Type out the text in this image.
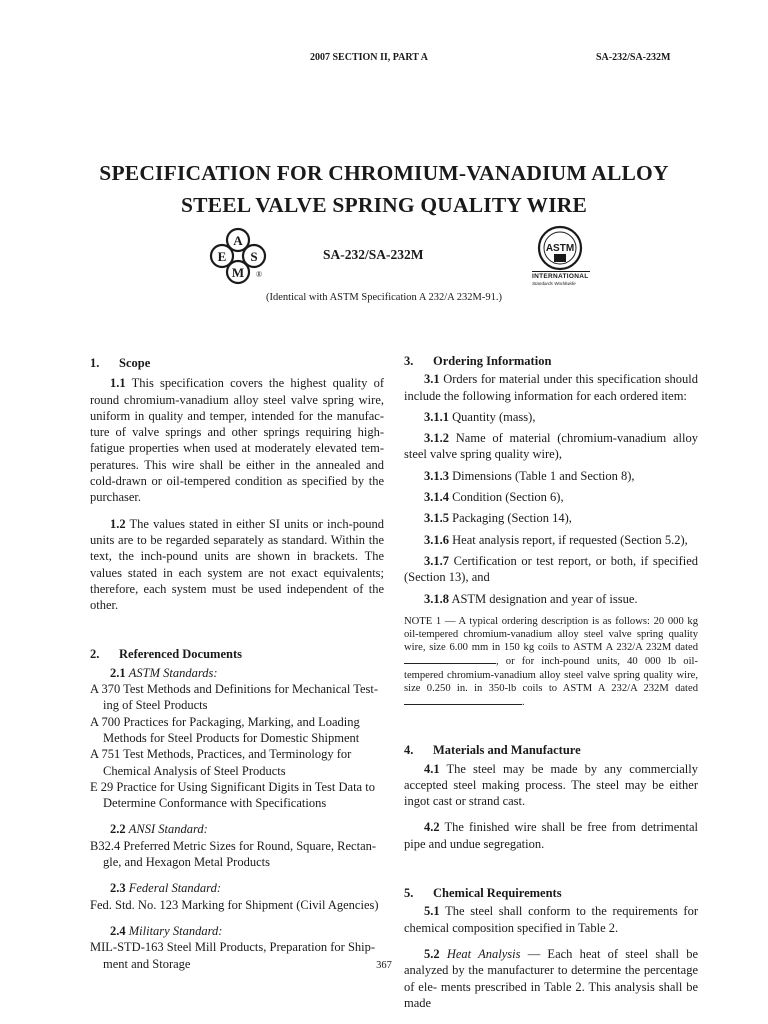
2007 SECTION II, PART A	SA-232/SA-232M
SPECIFICATION FOR CHROMIUM-VANADIUM ALLOY
STEEL VALVE SPRING QUALITY WIRE
A
E S
M ®
SA-232/SA-232M	ASTM
INTERNATIONAL
Standards Worldwide
(Identical with ASTM Specification A 232/A 232M-91.)

1. Scope

1.1 This specification covers the highest quality of round chromium-vanadium alloy steel valve spring wire, uniform in quality and temper, intended for the manufac-ture of valve springs and other springs requiring high-fatigue properties when used at moderately elevated tem-peratures. This wire shall be either in the annealed and cold-drawn or oil-tempered condition as specified by the purchaser.

1.2 The values stated in either SI units or inch-pound units are to be regarded separately as standard. Within the text, the inch-pound units are shown in brackets. The values stated in each system are not exact equivalents; therefore, each system must be used independent of the other.

2. Referenced Documents

2.1 ASTM Standards:

A 370 Test Methods and Definitions for Mechanical Test-ing of Steel Products

A 700 Practices for Packaging, Marking, and Loading Methods for Steel Products for Domestic Shipment

A 751 Test Methods, Practices, and Terminology for Chemical Analysis of Steel Products

E 29 Practice for Using Significant Digits in Test Data to Determine Conformance with Specifications

2.2 ANSI Standard:

B32.4 Preferred Metric Sizes for Round, Square, Rectan-gle, and Hexagon Metal Products

2.3 Federal Standard:

Fed. Std. No. 123 Marking for Shipment (Civil Agencies)

2.4 Military Standard:

MIL-STD-163 Steel Mill Products, Preparation for Ship-ment and Storage

3. Ordering Information

3.1 Orders for material under this specification should include the following information for each ordered item:

3.1.1 Quantity (mass),

3.1.2 Name of material (chromium-vanadium alloy steel valve spring quality wire),

3.1.3 Dimensions (Table 1 and Section 8),

3.1.4 Condition (Section 6),

3.1.5 Packaging (Section 14),

3.1.6 Heat analysis report, if requested (Section 5.2),

3.1.7 Certification or test report, or both, if specified (Section 13), and

3.1.8 ASTM designation and year of issue.

NOTE 1 — A typical ordering description is as follows: 20 000 kg oil-tempered chromium-vanadium alloy steel valve spring quality wire, size 6.00 mm in 150 kg coils to ASTM A 232/A 232M dated , or for inch-pound units, 40 000 lb oil-tempered chromium-vanadium alloy steel valve spring quality wire, size 0.250 in. in 350-lb coils to ASTM A 232/A 232M dated .

4. Materials and Manufacture

4.1 The steel may be made by any commercially accepted steel making process. The steel may be either ingot cast or strand cast.

4.2 The finished wire shall be free from detrimental pipe and undue segregation.

5. Chemical Requirements

5.1 The steel shall conform to the requirements for chemical composition specified in Table 2.

5.2 Heat Analysis — Each heat of steel shall be analyzed by the manufacturer to determine the percentage of ele- ments prescribed in Table 2. This analysis shall be made

367
